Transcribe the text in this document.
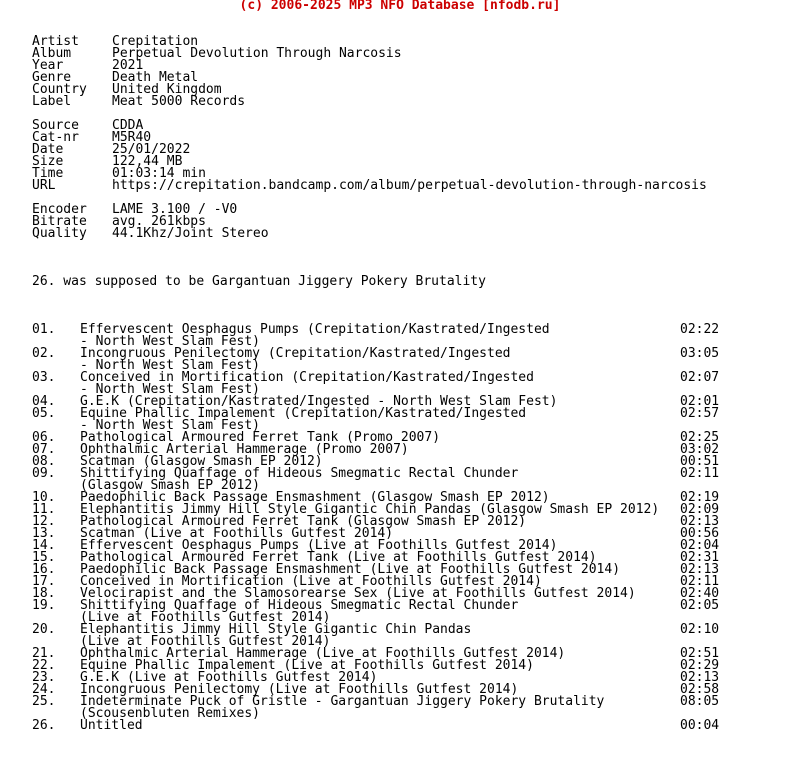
(c) 2006-2025 MP3 NFO Database [nfodb.ru]
Artist	Crepitation
Album	Perpetual Devolution Through Narcosis
Year	2021
Genre	Death Metal
Country United Kingdom
Label	Meat 5000 Records
Source	CDDA
Cat-nr	M5R40
Date	25/01/2022
Size	122,44 MB
Time	01:03:14 min
URL	https://crepitation.bandcamp.com/album/perpetual-devolution-through-narcosis
Encoder LAME 3.100 / -V0
Bitrate avg. 261kbps
Quality 44.1Khz/Joint Stereo
26. was supposed to be Gargantuan Jiggery Pokery Brutality
01. Effervescent Oesphagus Pumps (Crepitation/Kastrated/Ingested	02:22
- North West Slam Fest)
02. Incongruous Penilectomy (Crepitation/Kastrated/Ingested	03:05
- North West Slam Fest)
03. Conceived in Mortification (Crepitation/Kastrated/Ingested	02:07
- North West Slam Fest)
04. G.E.K (Crepitation/Kastrated/Ingested - North West Slam Fest)	02:01
05. Equine Phallic Impalement (Crepitation/Kastrated/Ingested	02:57
- North West Slam Fest)
06. Pathological Armoured Ferret Tank (Promo 2007)	02:25
07. Ophthalmic Arterial Hammerage (Promo 2007)	03:02
08. Scatman (Glasgow Smash EP 2012)	00:51
09. Shittifying Quaffage of Hideous Smegmatic Rectal Chunder	02:11
(Glasgow Smash EP 2012)
10. Paedophilic Back Passage Ensmashment (Glasgow Smash EP 2012)	02:19
11. Elephantitis Jimmy Hill Style Gigantic Chin Pandas (Glasgow Smash EP 2012) 02:09
12. Pathological Armoured Ferret Tank (Glasgow Smash EP 2012)	02:13
13. Scatman (Live at Foothills Gutfest 2014)	00:56
14. Effervescent Oesphagus Pumps (Live at Foothills Gutfest 2014)	02:04
15. Pathological Armoured Ferret Tank (Live at Foothills Gutfest 2014)	02:31
16. Paedophilic Back Passage Ensmashment (Live at Foothills Gutfest 2014)	02:13
17. Conceived in Mortification (Live at Foothills Gutfest 2014)	02:11
18. Velocirapist and the Slamosorearse Sex (Live at Foothills Gutfest 2014)	02:40
19. Shittifying Quaffage of Hideous Smegmatic Rectal Chunder	02:05
(Live at Foothills Gutfest 2014)
20. Elephantitis Jimmy Hill Style Gigantic Chin Pandas	02:10
(Live at Foothills Gutfest 2014)
21. Ophthalmic Arterial Hammerage (Live at Foothills Gutfest 2014)	02:51
22. Equine Phallic Impalement (Live at Foothills Gutfest 2014)	02:29
23. G.E.K (Live at Foothills Gutfest 2014)	02:13
24. Incongruous Penilectomy (Live at Foothills Gutfest 2014)	02:58
25. Indeterminate Puck of Gristle - Gargantuan Jiggery Pokery Brutality	08:05
(Scousenbluten Remixes)
26. Untitled	00:04
